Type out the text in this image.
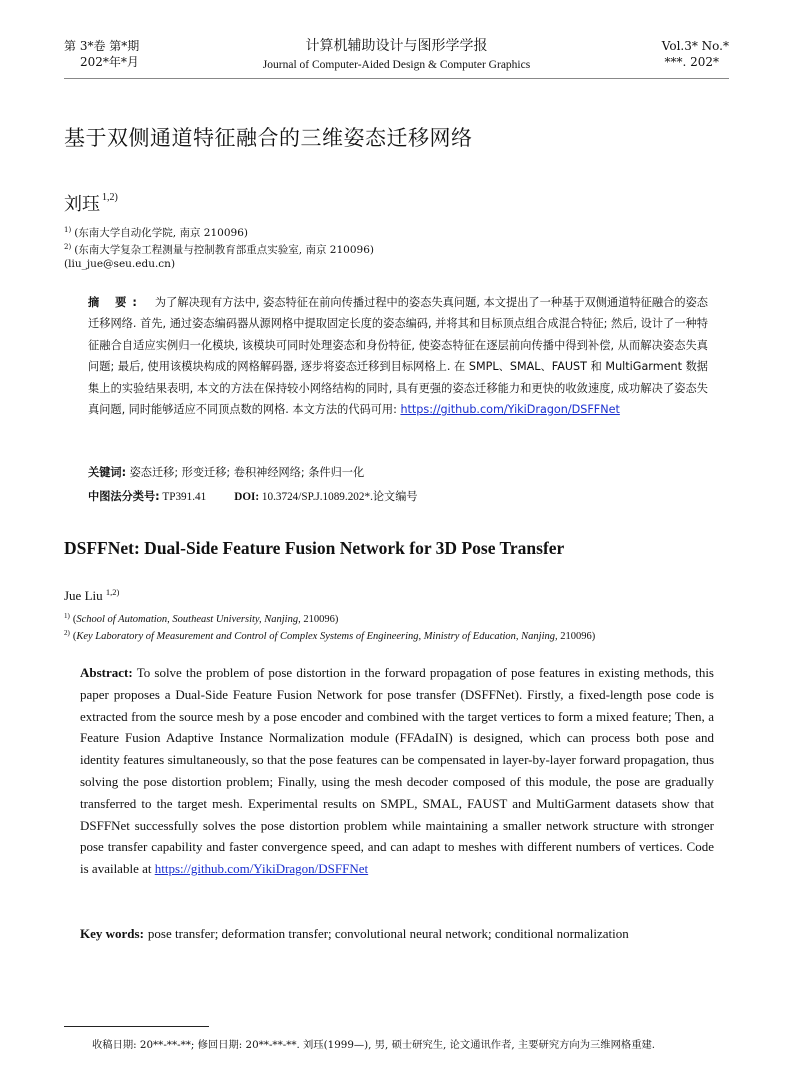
第 3*卷 第*期
202*年*月
计算机辅助设计与图形学学报
Journal of Computer-Aided Design & Computer Graphics
Vol.3* No.*
***. 202*
基于双侧通道特征融合的三维姿态迁移网络
刘珏 $^{1,2)}$
$^{1)}$ (东南大学自动化学院, 南京 210096)
$^{2)}$ (东南大学复杂工程测量与控制教育部重点实验室, 南京 210096)
(liu_jue@seu.edu.cn)
摘 要: 为了解决现有方法中, 姿态特征在前向传播过程中的姿态失真问题, 本文提出了一种基于双侧通道特征融合的姿态迁移网络. 首先, 通过姿态编码器从源网格中提取固定长度的姿态编码, 并将其和目标顶点组合成混合特征; 然后, 设计了一种特征融合自适应实例归一化模块, 该模块可同时处理姿态和身份特征, 使姿态特征在逐层前向传播中得到补偿, 从而解决姿态失真问题; 最后, 使用该模块构成的网格解码器, 逐步将姿态迁移到目标网格上. 在 SMPL、SMAL、FAUST 和 MultiGarment 数据集上的实验结果表明, 本文的方法在保持较小网络结构的同时, 具有更强的姿态迁移能力和更快的收敛速度, 成功解决了姿态失真问题, 同时能够适应不同顶点数的网格. 本文方法的代码可用: https://github.com/YikiDragon/DSFFNet
关键词: 姿态迁移; 形变迁移; 卷积神经网络; 条件归一化
中图法分类号: TP391.41	DOI: 10.3724/SP.J.1089.202*.论文编号
DSFFNet: Dual-Side Feature Fusion Network for 3D Pose Transfer
Jue Liu $^{1,2)}$
$^{1)}$ (School of Automation, Southeast University, Nanjing, 210096)
$^{2)}$ (Key Laboratory of Measurement and Control of Complex Systems of Engineering, Ministry of Education, Nanjing, 210096)
Abstract: To solve the problem of pose distortion in the forward propagation of pose features in existing methods, this paper proposes a Dual-Side Feature Fusion Network for pose transfer (DSFFNet). Firstly, a fixed-length pose code is extracted from the source mesh by a pose encoder and combined with the target vertices to form a mixed feature; Then, a Feature Fusion Adaptive Instance Normalization module (FFAdaIN) is designed, which can process both pose and identity features simultaneously, so that the pose features can be compensated in layer-by-layer forward propagation, thus solving the pose distortion problem; Finally, using the mesh decoder composed of this module, the pose are gradually transferred to the target mesh. Experimental results on SMPL, SMAL, FAUST and MultiGarment datasets show that DSFFNet successfully solves the pose distortion problem while maintaining a smaller network structure with stronger pose transfer capability and faster convergence speed, and can adapt to meshes with different numbers of vertices. Code is available at https://github.com/YikiDragon/DSFFNet
Key words: pose transfer; deformation transfer; convolutional neural network; conditional normalization
收稿日期: 20**-**-**; 修回日期: 20**-**-**. 刘珏(1999—), 男, 硕士研究生, 论文通讯作者, 主要研究方向为三维网格重建.
